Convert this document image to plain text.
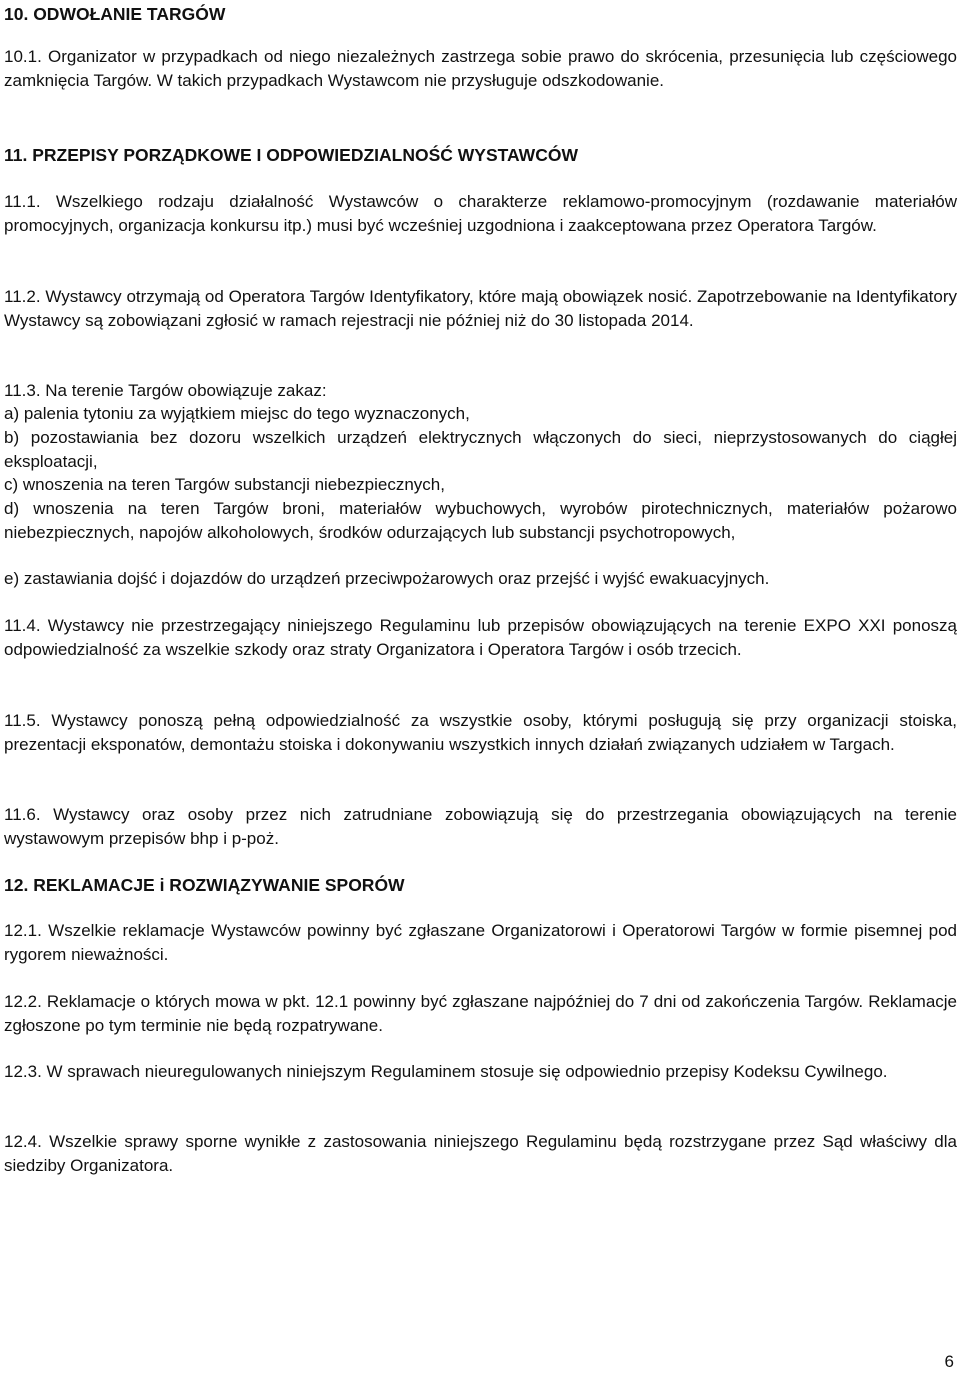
10. ODWOŁANIE TARGÓW

10.1. Organizator w przypadkach od niego niezależnych zastrzega sobie prawo do skrócenia, przesunięcia lub częściowego zamknięcia Targów. W takich przypadkach Wystawcom nie przysługuje odszkodowanie.

11. PRZEPISY PORZĄDKOWE I ODPOWIEDZIALNOŚĆ WYSTAWCÓW

11.1. Wszelkiego rodzaju działalność Wystawców o charakterze reklamowo-promocyjnym (rozdawanie materiałów promocyjnych, organizacja konkursu itp.) musi być wcześniej uzgodniona i zaakceptowana przez Operatora Targów.

11.2. Wystawcy otrzymają od Operatora Targów Identyfikatory, które mają obowiązek nosić. Zapotrzebowanie na Identyfikatory Wystawcy są zobowiązani zgłosić w ramach rejestracji nie później niż do 30 listopada 2014.

11.3. Na terenie Targów obowiązuje zakaz:

a) palenia tytoniu za wyjątkiem miejsc do tego wyznaczonych,

b) pozostawiania bez dozoru wszelkich urządzeń elektrycznych włączonych do sieci, nieprzystosowanych do ciągłej eksploatacji,

c) wnoszenia na teren Targów substancji niebezpiecznych,

d) wnoszenia na teren Targów broni, materiałów wybuchowych, wyrobów pirotechnicznych, materiałów pożarowo niebezpiecznych, napojów alkoholowych, środków odurzających lub substancji psychotropowych,

e) zastawiania dojść i dojazdów do urządzeń przeciwpożarowych oraz przejść i wyjść ewakuacyjnych.

11.4. Wystawcy nie przestrzegający niniejszego Regulaminu lub przepisów obowiązujących na terenie EXPO XXI ponoszą odpowiedzialność za wszelkie szkody oraz straty Organizatora i Operatora Targów i osób trzecich.

11.5. Wystawcy ponoszą pełną odpowiedzialność za wszystkie osoby, którymi posługują się przy organizacji stoiska, prezentacji eksponatów, demontażu stoiska i dokonywaniu wszystkich innych działań związanych udziałem w Targach.

11.6. Wystawcy oraz osoby przez nich zatrudniane zobowiązują się do przestrzegania obowiązujących na terenie wystawowym przepisów bhp i p-poż.

12. REKLAMACJE i ROZWIĄZYWANIE SPORÓW

12.1. Wszelkie reklamacje Wystawców powinny być zgłaszane Organizatorowi i Operatorowi Targów w formie pisemnej pod rygorem nieważności.

12.2. Reklamacje o których mowa w pkt. 12.1 powinny być zgłaszane najpóźniej do 7 dni od zakończenia Targów. Reklamacje zgłoszone po tym terminie nie będą rozpatrywane.

12.3. W sprawach nieuregulowanych niniejszym Regulaminem stosuje się odpowiednio przepisy Kodeksu Cywilnego.

12.4. Wszelkie sprawy sporne wynikłe z zastosowania niniejszego Regulaminu będą rozstrzygane przez Sąd właściwy dla siedziby Organizatora.

6
